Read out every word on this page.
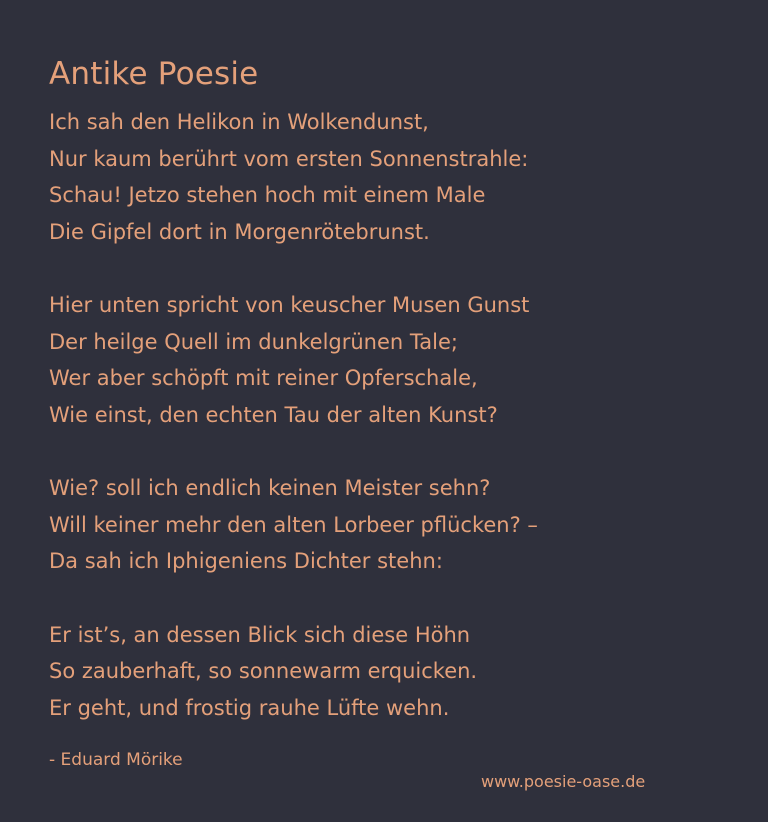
Antike Poesie
Ich sah den Helikon in Wolkendunst,
Nur kaum berührt vom ersten Sonnenstrahle:
Schau! Jetzo stehen hoch mit einem Male
Die Gipfel dort in Morgenrötebrunst.
Hier unten spricht von keuscher Musen Gunst
Der heilge Quell im dunkelgrünen Tale;
Wer aber schöpft mit reiner Opferschale,
Wie einst, den echten Tau der alten Kunst?
Wie? soll ich endlich keinen Meister sehn?
Will keiner mehr den alten Lorbeer pflücken? –
Da sah ich Iphigeniens Dichter stehn:
Er ist’s, an dessen Blick sich diese Höhn
So zauberhaft, so sonnewarm erquicken.
Er geht, und frostig rauhe Lüfte wehn.
- Eduard Mörike
www.poesie-oase.de
